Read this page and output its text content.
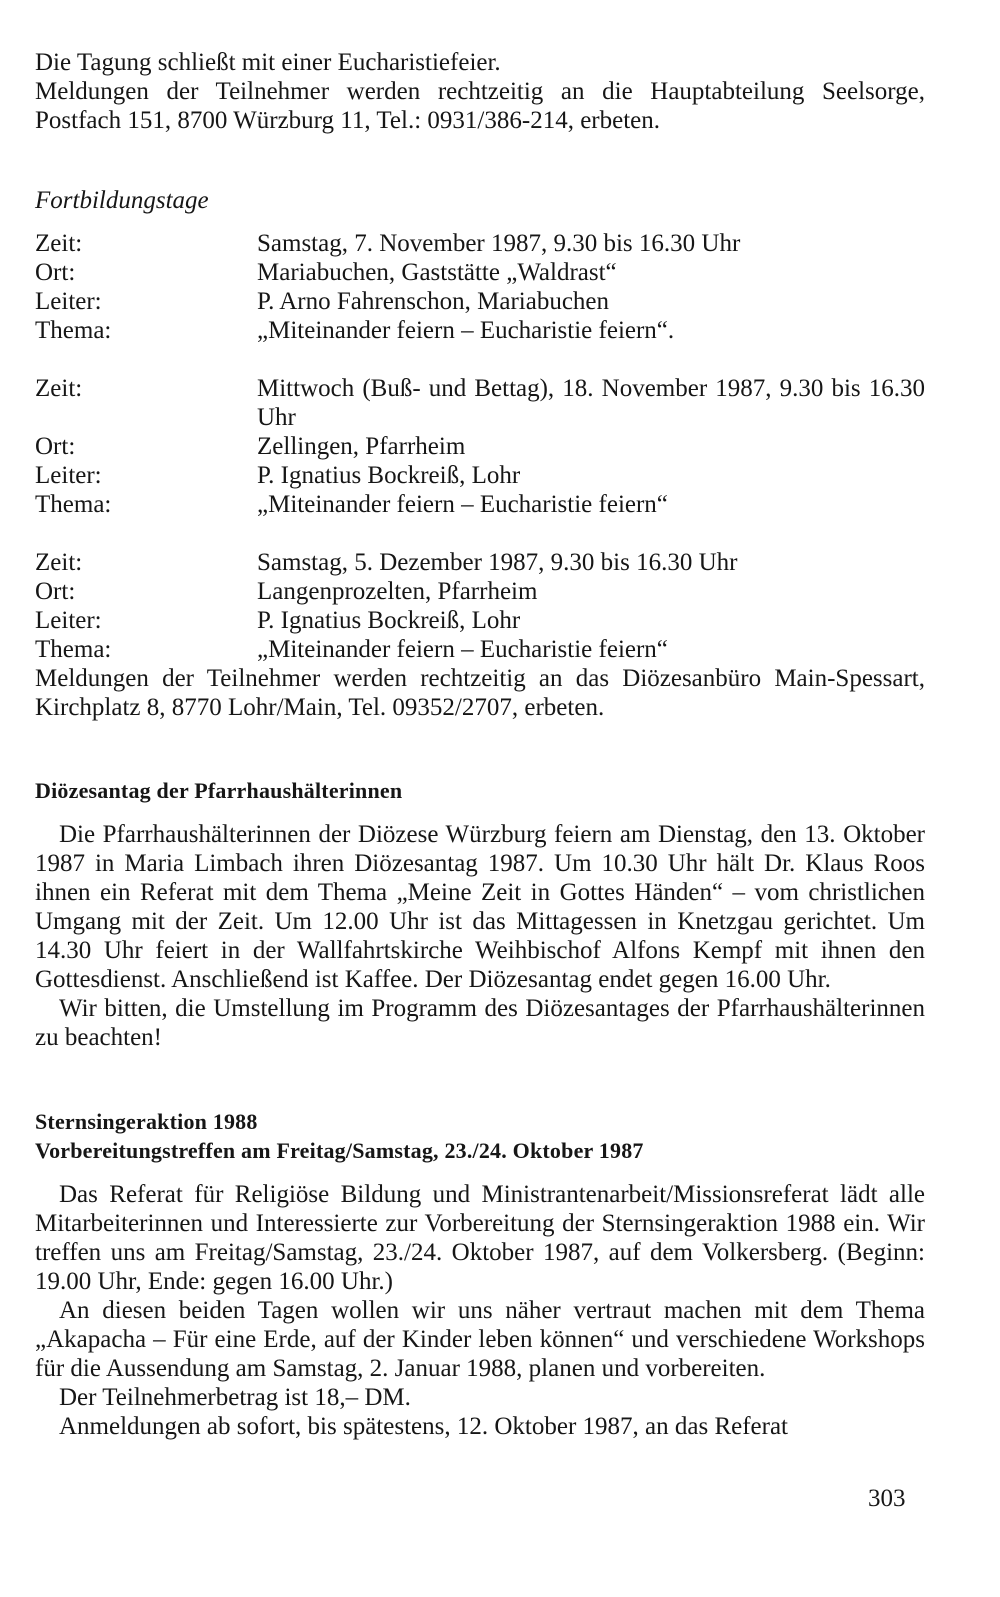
Die Tagung schließt mit einer Eucharistiefeier.
Meldungen der Teilnehmer werden rechtzeitig an die Hauptabteilung Seelsorge, Postfach 151, 8700 Würzburg 11, Tel.: 0931/386-214, erbeten.
Fortbildungstage
Zeit:	Samstag, 7. November 1987, 9.30 bis 16.30 Uhr
Ort:	Mariabuchen, Gaststätte „Waldrast“
Leiter:	P. Arno Fahrenschon, Mariabuchen
Thema:	„Miteinander feiern – Eucharistie feiern“.
Zeit:	Mittwoch (Buß- und Bettag), 18. November 1987, 9.30 bis 16.30 Uhr
Ort:	Zellingen, Pfarrheim
Leiter:	P. Ignatius Bockreiß, Lohr
Thema:	„Miteinander feiern – Eucharistie feiern“
Zeit:	Samstag, 5. Dezember 1987, 9.30 bis 16.30 Uhr
Ort:	Langenprozelten, Pfarrheim
Leiter:	P. Ignatius Bockreiß, Lohr
Thema:	„Miteinander feiern – Eucharistie feiern“
Meldungen der Teilnehmer werden rechtzeitig an das Diözesanbüro Main-Spessart, Kirchplatz 8, 8770 Lohr/Main, Tel. 09352/2707, erbeten.
Diözesantag der Pfarrhaushälterinnen
Die Pfarrhaushälterinnen der Diözese Würzburg feiern am Dienstag, den 13. Oktober 1987 in Maria Limbach ihren Diözesantag 1987. Um 10.30 Uhr hält Dr. Klaus Roos ihnen ein Referat mit dem Thema „Meine Zeit in Gottes Händen“ – vom christlichen Umgang mit der Zeit. Um 12.00 Uhr ist das Mittagessen in Knetzgau gerichtet. Um 14.30 Uhr feiert in der Wallfahrtskirche Weihbischof Alfons Kempf mit ihnen den Gottesdienst. Anschließend ist Kaffee. Der Diözesantag endet gegen 16.00 Uhr.
Wir bitten, die Umstellung im Programm des Diözesantages der Pfarrhaushälterinnen zu beachten!
Sternsingeraktion 1988
Vorbereitungstreffen am Freitag/Samstag, 23./24. Oktober 1987
Das Referat für Religiöse Bildung und Ministrantenarbeit/Missionsreferat lädt alle Mitarbeiterinnen und Interessierte zur Vorbereitung der Sternsingeraktion 1988 ein. Wir treffen uns am Freitag/Samstag, 23./24. Oktober 1987, auf dem Volkersberg. (Beginn: 19.00 Uhr, Ende: gegen 16.00 Uhr.)
An diesen beiden Tagen wollen wir uns näher vertraut machen mit dem Thema „Akapacha – Für eine Erde, auf der Kinder leben können“ und verschiedene Workshops für die Aussendung am Samstag, 2. Januar 1988, planen und vorbereiten.
Der Teilnehmerbetrag ist 18,– DM.
Anmeldungen ab sofort, bis spätestens, 12. Oktober 1987, an das Referat
303
